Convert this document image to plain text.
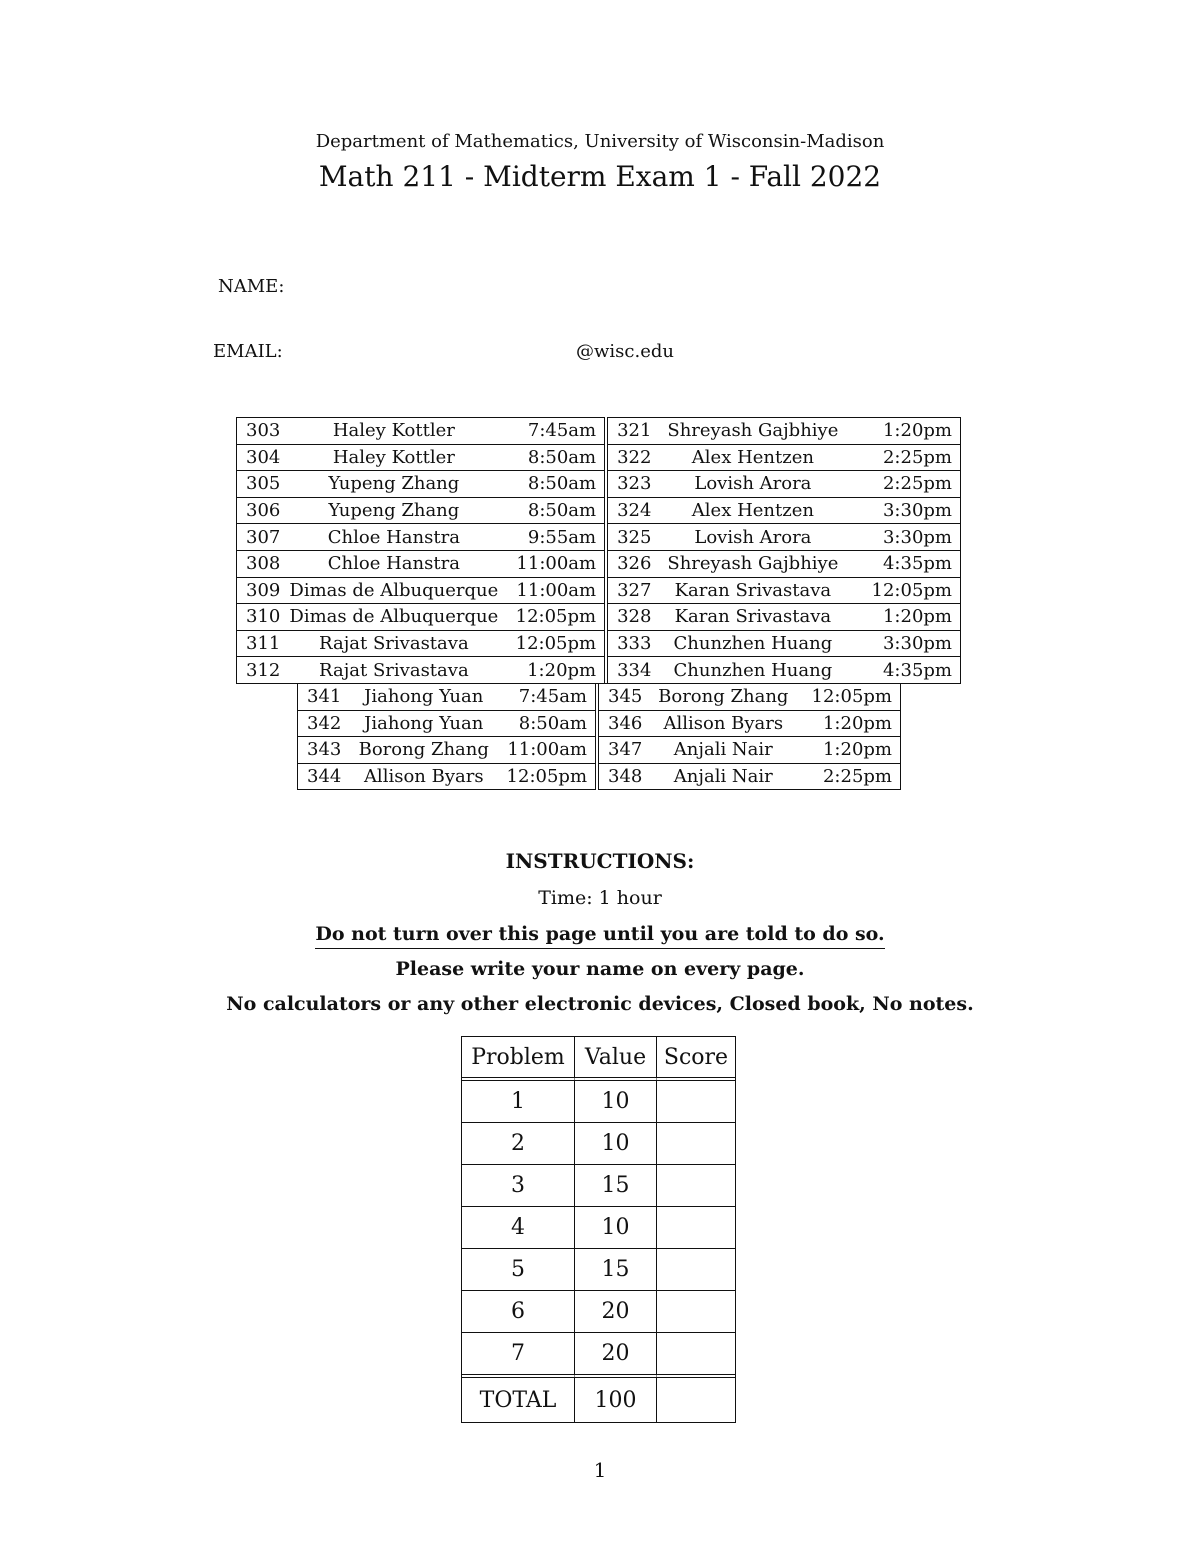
Department of Mathematics, University of Wisconsin-Madison
Math 211 - Midterm Exam 1 - Fall 2022
NAME:
EMAIL:	@wisc.edu
303	Haley Kottler	7:45am	321	Shreyash Gajbhiye	1:20pm
304	Haley Kottler	8:50am	322	Alex Hentzen	2:25pm
305	Yupeng Zhang	8:50am	323	Lovish Arora	2:25pm
306	Yupeng Zhang	8:50am	324	Alex Hentzen	3:30pm
307	Chloe Hanstra	9:55am	325	Lovish Arora	3:30pm
308	Chloe Hanstra	11:00am	326	Shreyash Gajbhiye	4:35pm
309	Dimas de Albuquerque	11:00am	327	Karan Srivastava	12:05pm
310	Dimas de Albuquerque	12:05pm	328	Karan Srivastava	1:20pm
311	Rajat Srivastava	12:05pm	333	Chunzhen Huang	3:30pm
312	Rajat Srivastava	1:20pm	334	Chunzhen Huang	4:35pm
341	Jiahong Yuan	7:45am	345	Borong Zhang	12:05pm
342	Jiahong Yuan	8:50am	346	Allison Byars	1:20pm
343	Borong Zhang	11:00am	347	Anjali Nair	1:20pm
344	Allison Byars	12:05pm	348	Anjali Nair	2:25pm
INSTRUCTIONS:
Time: 1 hour
Do not turn over this page until you are told to do so.
Please write your name on every page.
No calculators or any other electronic devices, Closed book, No notes.
Problem	Value	Score
1	10	
2	10	
3	15	
4	10	
5	15	
6	20	
7	20	
TOTAL	100	
1
